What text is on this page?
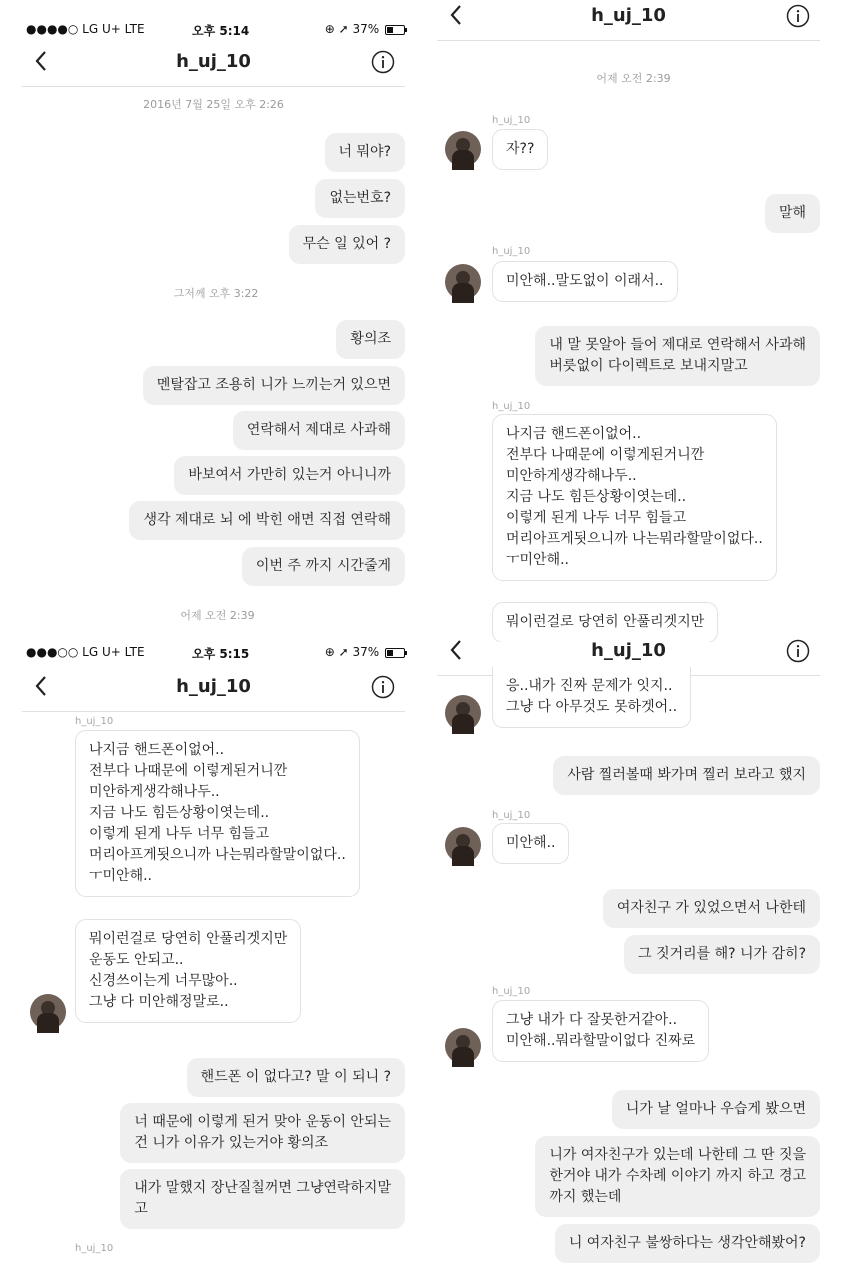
●●●●○ LG U+ LTE	오후 5:14	⊕ ➚ 37%
h_uj_10
2016년 7월 25일 오후 2:26
너 뭐야?
없는번호?
무슨 일 있어 ?
그저께 오후 3:22
황의조
멘탈잡고 조용히 니가 느끼는거 있으면
연락해서 제대로 사과해
바보여서 가만히 있는거 아니니까
생각 제대로 뇌 에 박힌 애면 직접 연락해
이번 주 까지 시간줄게
어제 오전 2:39
h_uj_10
어제 오전 2:39
h_uj_10
자??
말해
h_uj_10
미안해..말도없이 이래서..
내 말 못알아 들어 제대로 연락해서 사과해
버릇없이 다이렉트로 보내지말고
h_uj_10
나지금 핸드폰이없어..
전부다 나때문에 이렇게된거니깐
미안하게생각해나두..
지금 나도 힘든상황이엿는데..
이렇게 된게 나두 너무 힘들고
머리아프게됫으니까 나는뭐라할말이없다..
ㅜ미안해..
뭐이런걸로 당연히 안풀리겟지만
●●●○○ LG U+ LTE	오후 5:15	⊕ ➚ 37%
h_uj_10
h_uj_10
나지금 핸드폰이없어..
전부다 나때문에 이렇게된거니깐
미안하게생각해나두..
지금 나도 힘든상황이엿는데..
이렇게 된게 나두 너무 힘들고
머리아프게됫으니까 나는뭐라할말이없다..
ㅜ미안해..
뭐이런걸로 당연히 안풀리겟지만
운동도 안되고..
신경쓰이는게 너무많아..
그냥 다 미안해정말로..
핸드폰 이 없다고? 말 이 되니 ?
너 때문에 이렇게 된거 맞아 운동이 안되는
건 니가 이유가 있는거야 황의조
내가 말했지 장난질칠꺼면 그냥연락하지말
고
h_uj_10
h_uj_10
응..내가 진짜 문제가 잇지..
그냥 다 아무것도 못하겟어..
사람 찔러볼때 봐가며 찔러 보라고 했지
h_uj_10
미안해..
여자친구 가 있었으면서 나한테
그 짓거리를 해? 니가 감히?
h_uj_10
그냥 내가 다 잘못한거같아..
미안해..뭐라할말이없다 진짜로
니가 날 얼마나 우습게 봤으면
니가 여자친구가 있는데 나한테 그 딴 짓을
한거야 내가 수차례 이야기 까지 하고 경고
까지 했는데
니 여자친구 불쌍하다는 생각안해봤어?
